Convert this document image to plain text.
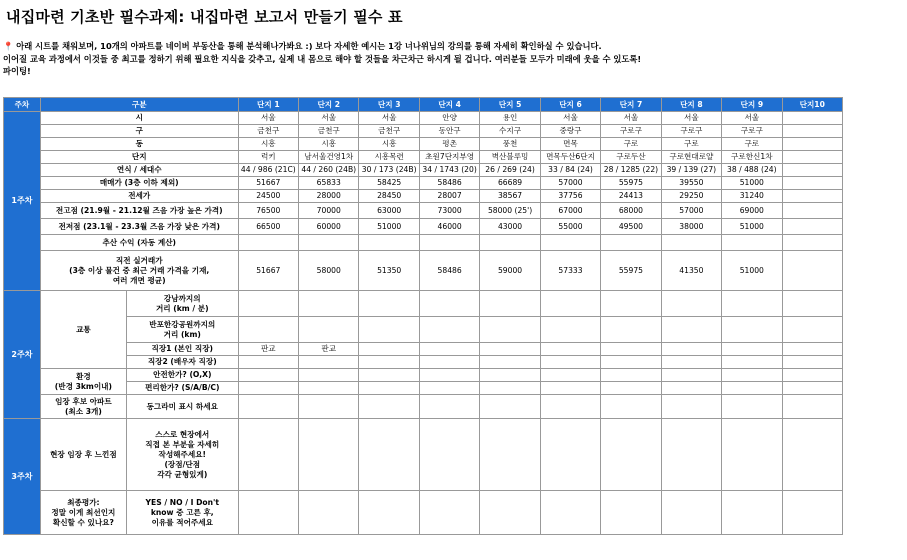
내집마련 기초반 필수과제: 내집마련 보고서 만들기 필수 표
📍 아래 시트를 채워보며, 10개의 아파트를 네이버 부동산을 통해 분석해나가봐요 :) 보다 자세한 예시는 1강 너나위님의 강의를 통해 자세히 확인하실 수 있습니다.
이어질 교육 과정에서 이것들 중 최고를 정하기 위해 필요한 지식을 갖추고, 실제 내 몸으로 해야 할 것들을 차근차근 하시게 될 겁니다. 여러분들 모두가 미래에 웃을 수 있도록!
파이팅!
주차	구분		단지 1	단지 2	단지 3	단지 4	단지 5	단지 6	단지 7	단지 8	단지 9	단지10
1주차	시		서울	서울	서울	안양	용인	서울	서울	서울	서울	
	구		금천구	금천구	금천구	동안구	수지구	중랑구	구로구	구로구	구로구	
	동		시흥	시흥	시흥	평촌	풍천	면목	구로	구로	구로	
	단지		럭키	남서울건영1차	시흥목련	초원7단지부영	벽산블루밍	면목두산6단지	구로두산	구로현대로얄	구로한신1차	
	연식 / 세대수		44 / 986 (21C)	44 / 260 (24B)	30 / 173 (24B)	34 / 1743 (20)	26 / 269 (24)	33 / 84 (24)	28 / 1285 (22)	39 / 139 (27)	38 / 488 (24)	
	매매가 (3층 이하 제외)		51667	65833	58425	58486	66689	57000	55975	39550	51000	
	전세가		24500	28000	28450	28007	38567	37756	24413	29250	31240	
	전고점 (21.9월 - 21.12월 즈음 가장 높은 가격)		76500	70000	63000	73000	58000 (25')	67000	68000	57000	69000	
	전저점 (23.1월 - 23.3월 즈음 가장 낮은 가격)		66500	60000	51000	46000	43000	55000	49500	38000	51000	
	추산 수익 (자동 계산)											
	직전 실거래가
(3층 이상 물건 중 최근 거래 가격을 기재,
여러 개면 평균)		51667	58000	51350	58486	59000	57333	55975	41350	51000	
2주차	교통	강남까지의
거리 (km / 분)										
		반포한강공원까지의
거리 (km)										
		직장1 (본인 직장)	판교	판교								
		직장2 (배우자 직장)										
	환경
(반경 3km이내)	안전한가? (O,X)										
		편리한가? (S/A/B/C)										
	임장 후보 아파트
(최소 3개)	동그라미 표시 하세요										
3주차	현장 임장 후 느낀점	스스로 현장에서
직접 본 부분을 자세히
작성해주세요!
(장점/단점
각각 균형있게)										
	최종평가:
정말 이게 최선인지
확신할 수 있나요?	YES / NO / I Don't
know 중 고른 후,
이유를 적어주세요										
